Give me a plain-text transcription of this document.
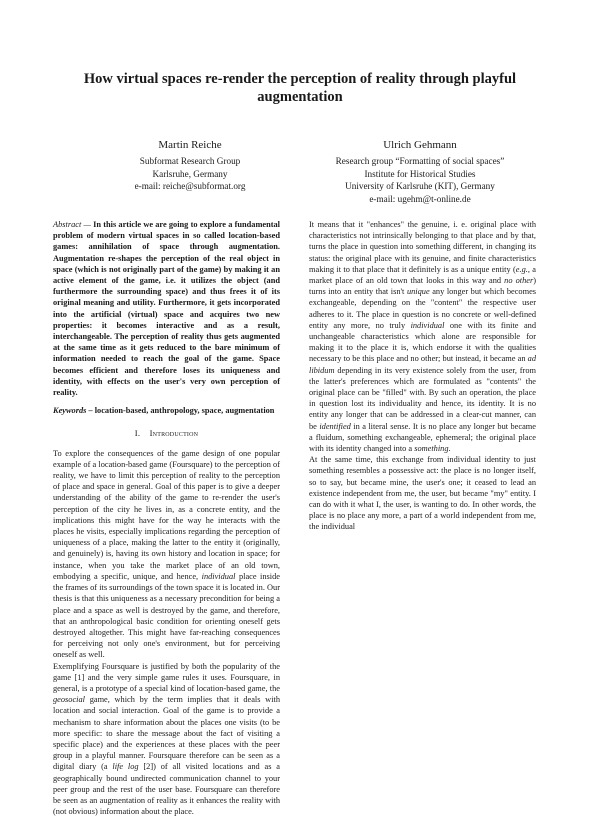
How virtual spaces re-render the perception of reality through playful augmentation
Martin Reiche
Subformat Research Group
Karlsruhe, Germany
e-mail: reiche@subformat.org
Ulrich Gehmann
Research group “Formatting of social spaces”
Institute for Historical Studies
University of Karlsruhe (KIT), Germany
e-mail: ugehm@t-online.de

Abstract — In this article we are going to explore a fundamental problem of modern virtual spaces in so called location-based games: annihilation of space through augmentation. Augmentation re-shapes the perception of the real object in space (which is not originally part of the game) by making it an active element of the game, i.e. it utilizes the object (and furthermore the surrounding space) and thus frees it of its original meaning and utility. Furthermore, it gets incorporated into the artificial (virtual) space and acquires two new properties: it becomes interactive and as a result, interchangeable. The perception of reality thus gets augmented at the same time as it gets reduced to the bare minimum of information needed to reach the goal of the game. Space becomes efficient and therefore loses its uniqueness and identity, with effects on the user's very own perception of reality.

Keywords – location-based, anthropology, space, augmentation

I. Introduction

To explore the consequences of the game design of one popular example of a location-based game (Foursquare) to the perception of reality, we have to limit this perception of reality to the perception of place and space in general. Goal of this paper is to give a deeper understanding of the ability of the game to re-render the user's perception of the city he lives in, as a concrete entity, and the implications this might have for the way he interacts with the places he visits, especially implications regarding the perception of uniqueness of a place, making the latter to the entity it (originally, and genuinely) is, having its own history and location in space; for instance, when you take the market place of an old town, embodying a specific, unique, and hence, individual place inside the frames of its surroundings of the town space it is located in. Our thesis is that this uniqueness as a necessary precondition for being a place and a space as well is destroyed by the game, and therefore, that an anthropological basic condition for orienting oneself gets destroyed altogether. This might have far-reaching consequences for perceiving not only one's environment, but for perceiving oneself as well.

Exemplifying Foursquare is justified by both the popularity of the game [1] and the very simple game rules it uses. Foursquare, in general, is a prototype of a special kind of location-based game, the geosocial game, which by the term implies that it deals with location and social interaction. Goal of the game is to provide a mechanism to share information about the places one visits (to be more specific: to share the message about the fact of visiting a specific place) and the experiences at these places with the peer group in a playful manner. Foursquare therefore can be seen as a digital diary (a life log [2]) of all visited locations and as a geographically bound undirected communication channel to your peer group and the rest of the user base. Foursquare can therefore be seen as an augmentation of reality as it enhances the reality with (not obvious) information about the place.

It means that it "enhances" the genuine, i. e. original place with characteristics not intrinsically belonging to that place and by that, turns the place in question into something different, in changing its status: the original place with its genuine, and finite characteristics making it to that place that it definitely is as a unique entity (e.g., a market place of an old town that looks in this way and no other) turns into an entity that isn't unique any longer but which becomes exchangeable, depending on the "content" the respective user adheres to it. The place in question is no concrete or well-defined entity any more, no truly individual one with its finite and unchangeable characteristics which alone are responsible for making it to the place it is, which endorse it with the qualities necessary to be this place and no other; but instead, it became an ad libidum depending in its very existence solely from the user, from the latter's preferences which are formulated as "contents" the original place can be "filled" with. By such an operation, the place in question lost its individuality and hence, its identity. It is no entity any longer that can be addressed in a clear-cut manner, can be identified in a literal sense. It is no place any longer but became a fluidum, something exchangeable, ephemeral; the original place with its identity changed into a something.

At the same time, this exchange from individual identity to just something resembles a possessive act: the place is no longer itself, so to say, but became mine, the user's one; it ceased to lead an existence independent from me, the user, but became "my" entity. I can do with it what I, the user, is wanting to do. In other words, the place is no place any more, a part of a world independent from me, the individual
